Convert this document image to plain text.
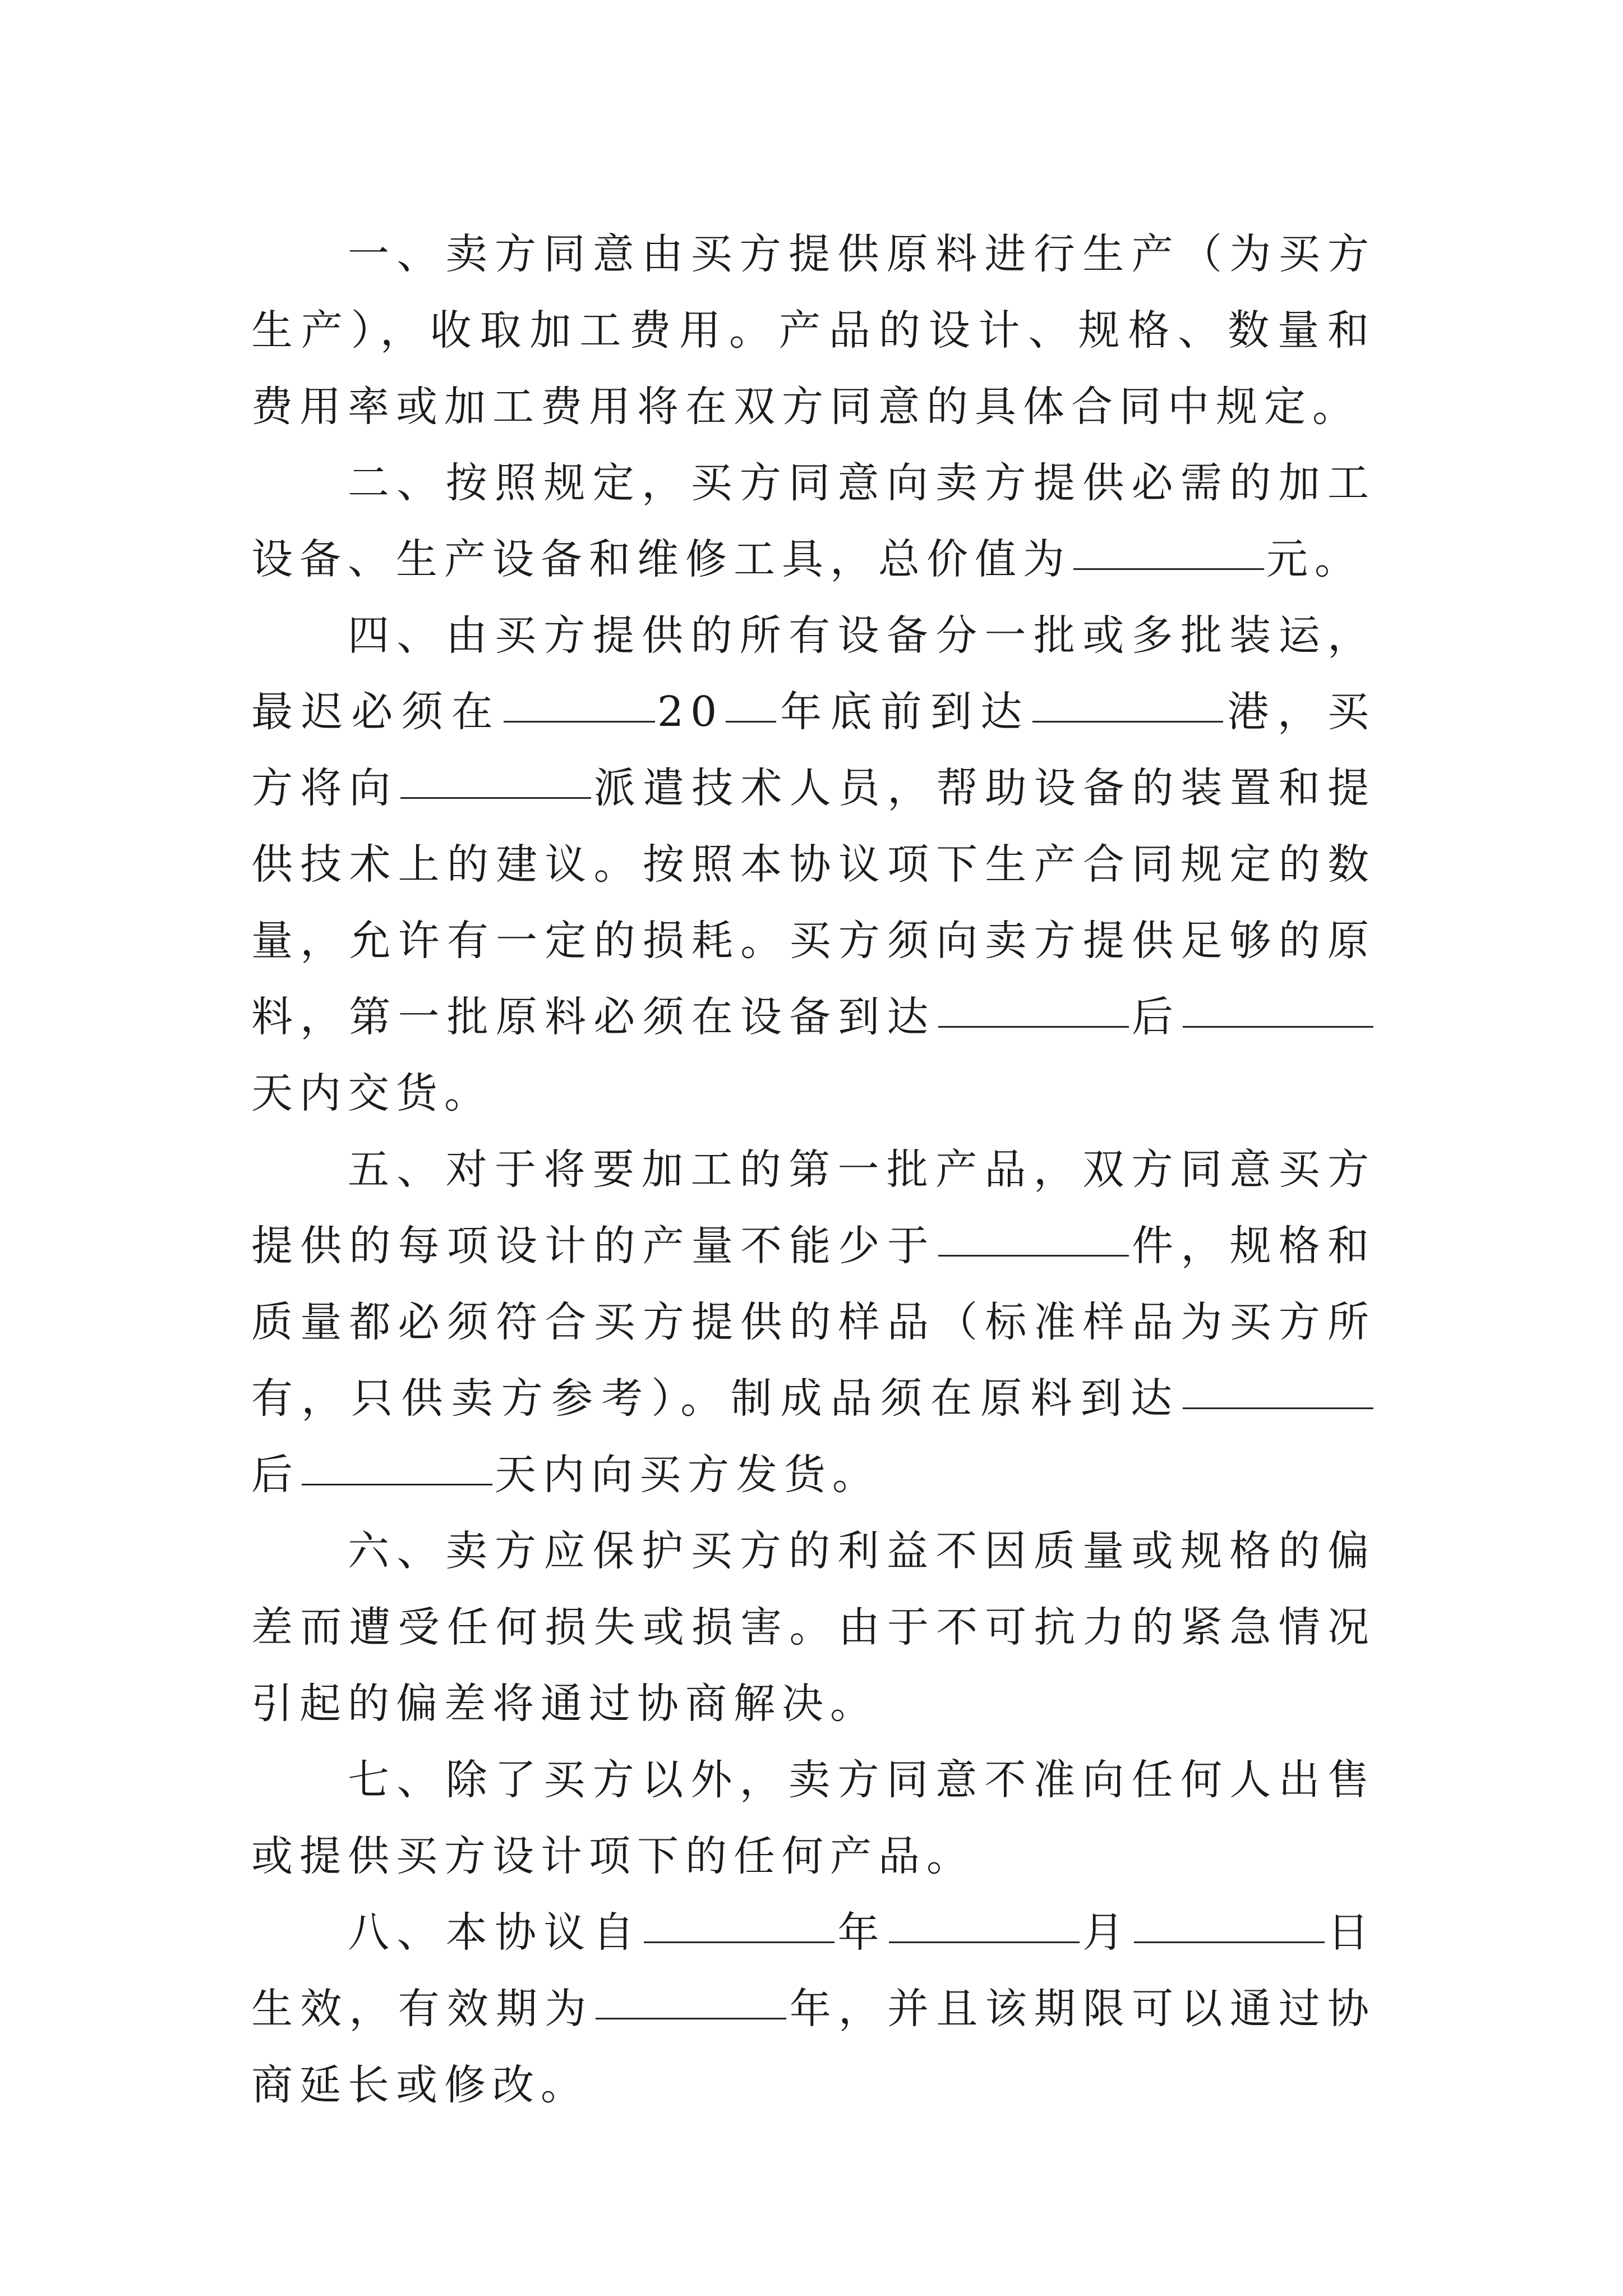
一、卖方同意由买方提供原料进行生产（为买方生产），收取加工费用。产品的设计、规格、数量和费用率或加工费用将在双方同意的具体合同中规定。

二、按照规定，买方同意向卖方提供必需的加工设备、生产设备和维修工具，总价值为	元。

四、由买方提供的所有设备分一批或多批装运，最迟必须在	20 年底前到达	港，买方将向	派遣技术人员，帮助设备的装置和提供技术上的建议。按照本协议项下生产合同规定的数量，允许有一定的损耗。买方须向卖方提供足够的原料，第一批原料必须在设备到达	后天内交货。

五、对于将要加工的第一批产品，双方同意买方提供的每项设计的产量不能少于	件，规格和质量都必须符合买方提供的样品（标准样品为买方所有，只供卖方参考）。制成品须在原料到达后	天内向买方发货。

六、卖方应保护买方的利益不因质量或规格的偏差而遭受任何损失或损害。由于不可抗力的紧急情况引起的偏差将通过协商解决。

七、除了买方以外，卖方同意不准向任何人出售或提供买方设计项下的任何产品。

八、本协议自	年	月	日生效，有效期为	年，并且该期限可以通过协商延长或修改。
